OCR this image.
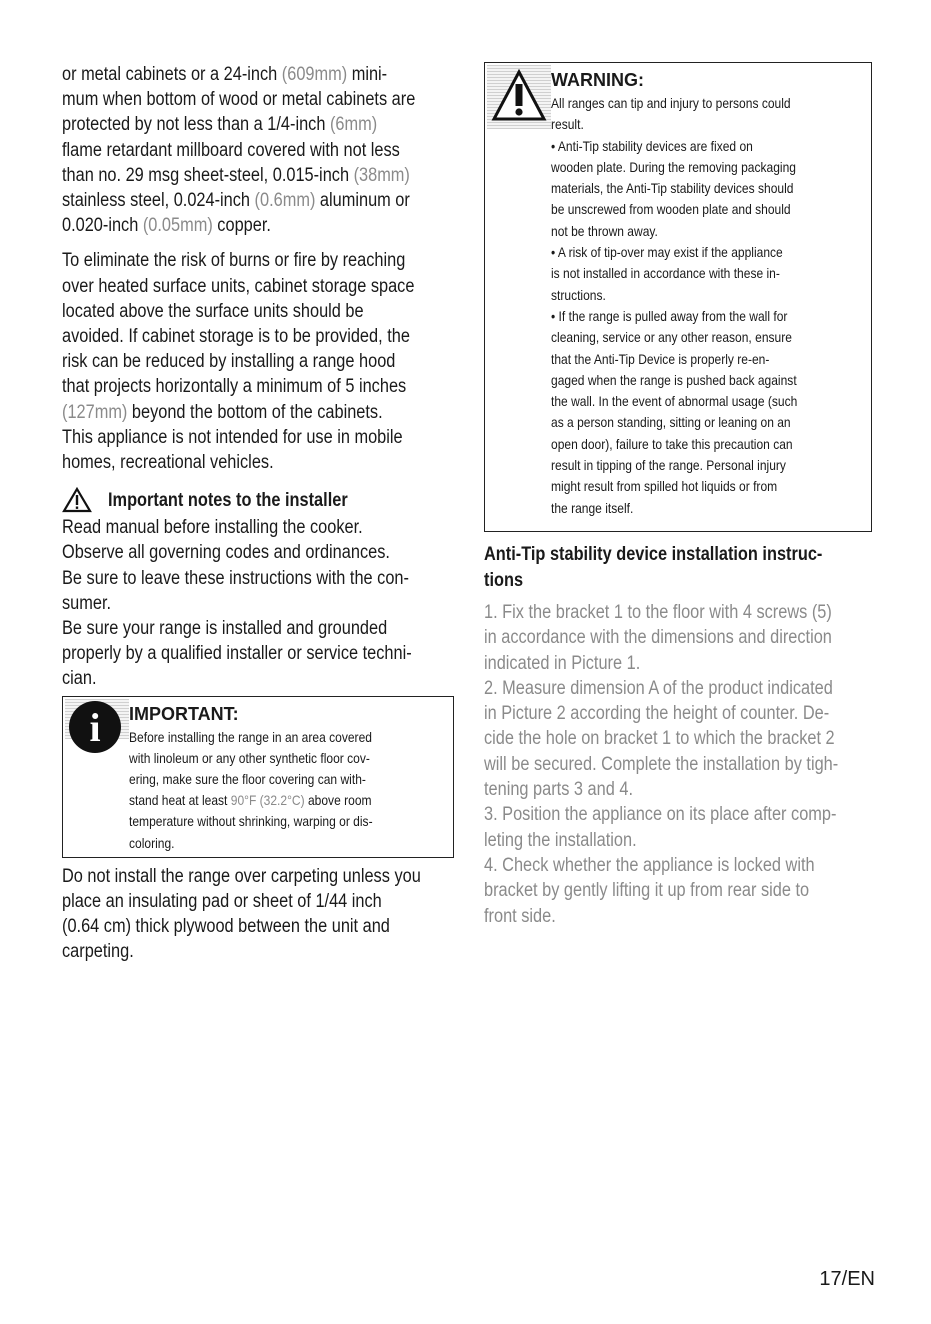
or metal cabinets or a 24-inch (609mm) mini-
mum when bottom of wood or metal cabinets are
protected by not less than a 1/4-inch (6mm)
flame retardant millboard covered with not less
than no. 29 msg sheet-steel, 0.015-inch (38mm)
stainless steel, 0.024-inch (0.6mm) aluminum or
0.020-inch (0.05mm) copper.
To eliminate the risk of burns or fire by reaching
over heated surface units, cabinet storage space
located above the surface units should be
avoided. If cabinet storage is to be provided, the
risk can be reduced by installing a range hood
that projects horizontally a minimum of 5 inches
(127mm) beyond the bottom of the cabinets.
This appliance is not intended for use in mobile
homes, recreational vehicles.
Important notes to the installer
Read manual before installing the cooker.
Observe all governing codes and ordinances.
Be sure to leave these instructions with the con-
sumer.
Be sure your range is installed and grounded
properly by a qualified installer or service techni-
cian.
i	IMPORTANT:
Before installing the range in an area covered
with linoleum or any other synthetic floor cov-
ering, make sure the floor covering can with-
stand heat at least 90°F (32.2°C) above room
temperature without shrinking, warping or dis-
coloring.
Do not install the range over carpeting unless you
place an insulating pad or sheet of 1/44 inch
(0.64 cm) thick plywood between the unit and
carpeting.
WARNING:
All ranges can tip and injury to persons could
result.
• Anti-Tip stability devices are fixed on
wooden plate. During the removing packaging
materials, the Anti-Tip stability devices should
be unscrewed from wooden plate and should
not be thrown away.
• A risk of tip-over may exist if the appliance
is not installed in accordance with these in-
structions.
• If the range is pulled away from the wall for
cleaning, service or any other reason, ensure
that the Anti-Tip Device is properly re-en-
gaged when the range is pushed back against
the wall. In the event of abnormal usage (such
as a person standing, sitting or leaning on an
open door), failure to take this precaution can
result in tipping of the range. Personal injury
might result from spilled hot liquids or from
the range itself.
Anti-Tip stability device installation instruc-
tions
1. Fix the bracket 1 to the floor with 4 screws (5)
in accordance with the dimensions and direction
indicated in Picture 1.
2. Measure dimension A of the product indicated
in Picture 2 according the height of counter. De-
cide the hole on bracket 1 to which the bracket 2
will be secured. Complete the installation by tigh-
tening parts 3 and 4.
3. Position the appliance on its place after comp-
leting the installation.
4. Check whether the appliance is locked with
bracket by gently lifting it up from rear side to
front side.
17/EN
